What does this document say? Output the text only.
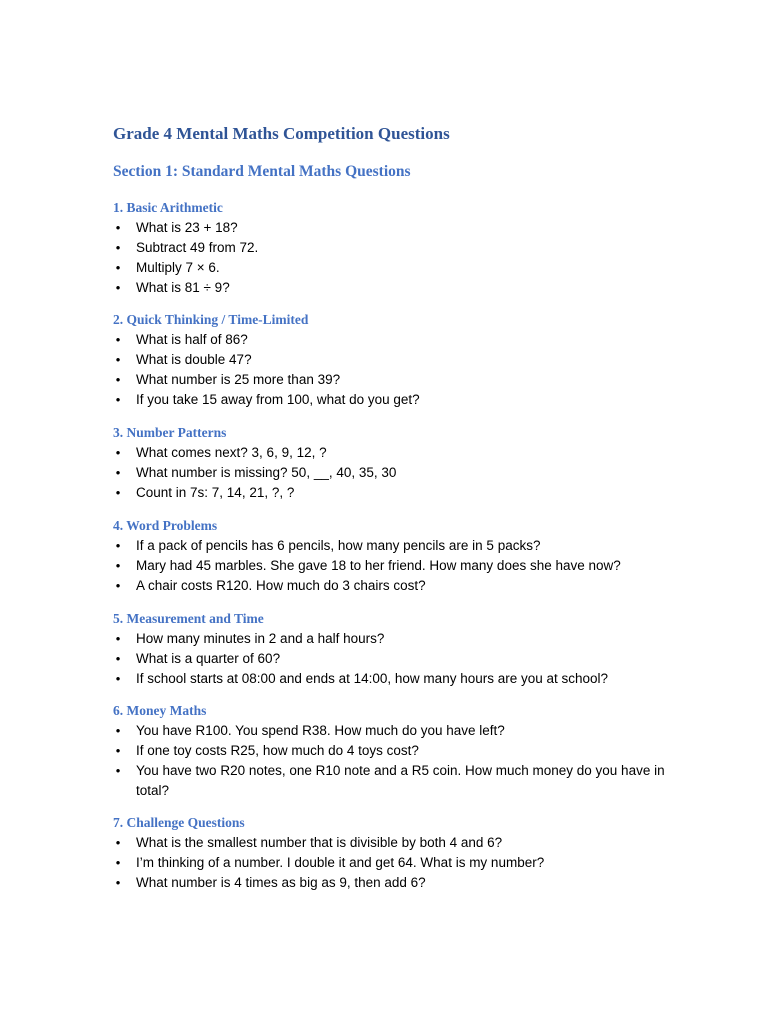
Grade 4 Mental Maths Competition Questions
Section 1: Standard Mental Maths Questions
1. Basic Arithmetic
• What is 23 + 18?
• Subtract 49 from 72.
• Multiply 7 × 6.
• What is 81 ÷ 9?
2. Quick Thinking / Time-Limited
• What is half of 86?
• What is double 47?
• What number is 25 more than 39?
• If you take 15 away from 100, what do you get?
3. Number Patterns
• What comes next? 3, 6, 9, 12, ?
• What number is missing? 50, __, 40, 35, 30
• Count in 7s: 7, 14, 21, ?, ?
4. Word Problems
• If a pack of pencils has 6 pencils, how many pencils are in 5 packs?
• Mary had 45 marbles. She gave 18 to her friend. How many does she have now?
• A chair costs R120. How much do 3 chairs cost?
5. Measurement and Time
• How many minutes in 2 and a half hours?
• What is a quarter of 60?
• If school starts at 08:00 and ends at 14:00, how many hours are you at school?
6. Money Maths
• You have R100. You spend R38. How much do you have left?
• If one toy costs R25, how much do 4 toys cost?
• You have two R20 notes, one R10 note and a R5 coin. How much money do you have in total?
7. Challenge Questions
• What is the smallest number that is divisible by both 4 and 6?
• I’m thinking of a number. I double it and get 64. What is my number?
• What number is 4 times as big as 9, then add 6?
